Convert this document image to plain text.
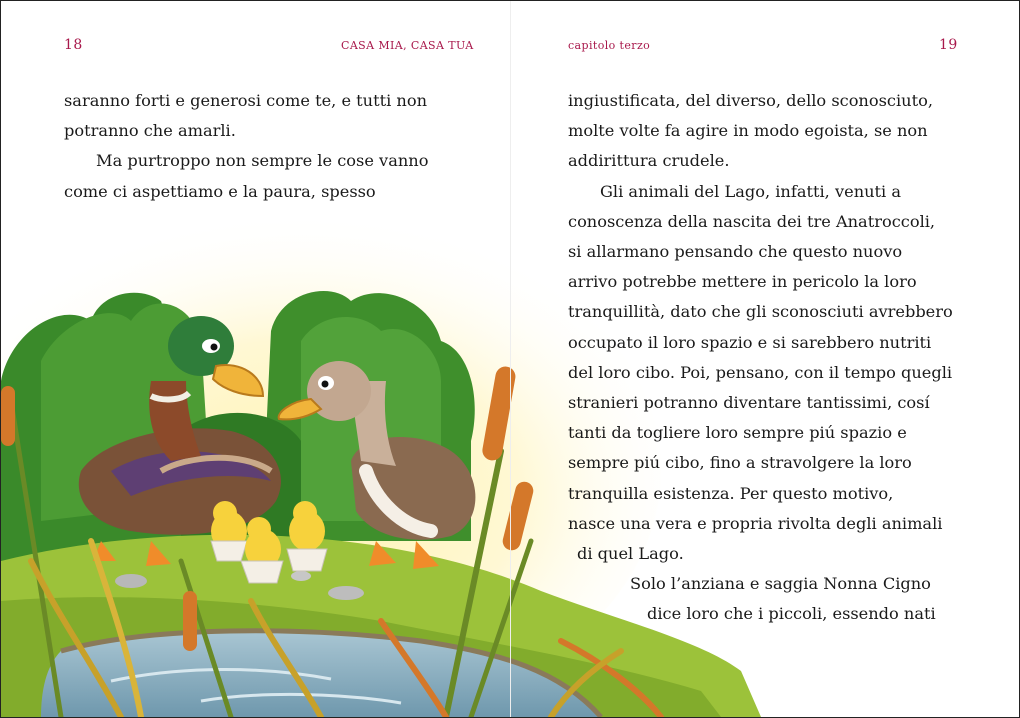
18	CASA MIA, CASA TUA

saranno forti e generosi come te, e tutti non

potranno che amarli.

Ma purtroppo non sempre le cose vanno

come ci aspettiamo e la paura, spesso

capitolo terzo	19

ingiustificata, del diverso, dello sconosciuto,

molte volte fa agire in modo egoista, se non

addirittura crudele.

Gli animali del Lago, infatti, venuti a

conoscenza della nascita dei tre Anatroccoli,

si allarmano pensando che questo nuovo

arrivo potrebbe mettere in pericolo la loro

tranquillità, dato che gli sconosciuti avrebbero

occupato il loro spazio e si sarebbero nutriti

del loro cibo. Poi, pensano, con il tempo quegli

stranieri potranno diventare tantissimi, cosí

tanti da togliere loro sempre piú spazio e

sempre piú cibo, fino a stravolgere la loro

tranquilla esistenza. Per questo motivo,

nasce una vera e propria rivolta degli animali

di quel Lago.

Solo l’anziana e saggia Nonna Cigno

dice loro che i piccoli, essendo nati
